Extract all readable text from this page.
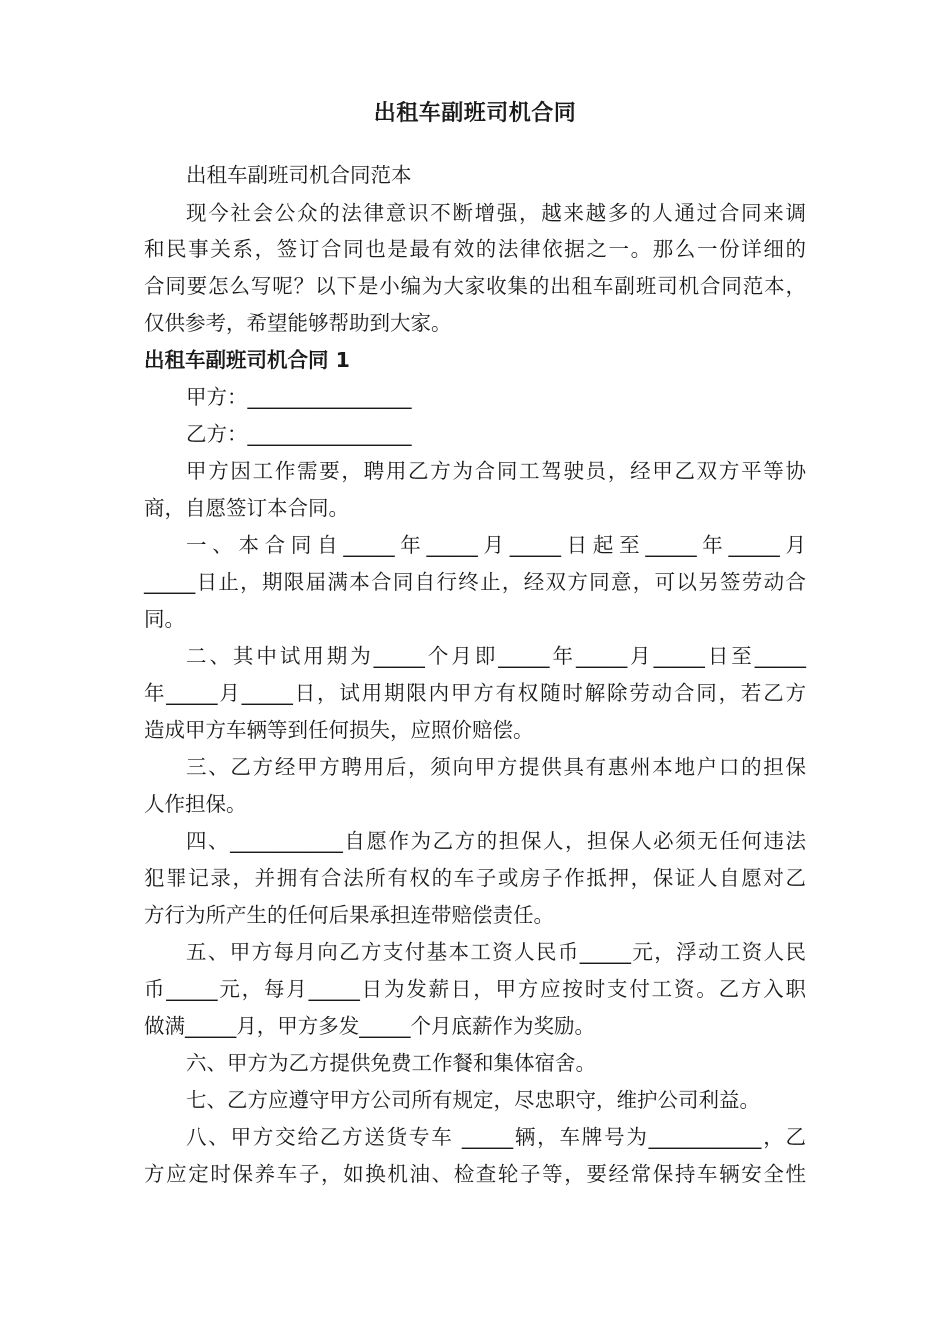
出租车副班司机合同
出租车副班司机合同范本
现今社会公众的法律意识不断增强，越来越多的人通过合同来调
和民事关系，签订合同也是最有效的法律依据之一。那么一份详细的
合同要怎么写呢？以下是小编为大家收集的出租车副班司机合同范本，
仅供参考，希望能够帮助到大家。
出租车副班司机合同 1
甲方：________________
乙方：________________
甲方因工作需要，聘用乙方为合同工驾驶员，经甲乙双方平等协
商，自愿签订本合同。
一、本合同自_____年_____月_____日起至_____年_____月
_____日止，期限届满本合同自行终止，经双方同意，可以另签劳动合
同。
二、其中试用期为_____个月即_____年_____月_____日至_____
年_____月_____日，试用期限内甲方有权随时解除劳动合同，若乙方
造成甲方车辆等到任何损失，应照价赔偿。
三、乙方经甲方聘用后，须向甲方提供具有惠州本地户口的担保
人作担保。
四、___________自愿作为乙方的担保人，担保人必须无任何违法
犯罪记录，并拥有合法所有权的车子或房子作抵押，保证人自愿对乙
方行为所产生的任何后果承担连带赔偿责任。
五、甲方每月向乙方支付基本工资人民币_____元，浮动工资人民
币_____元，每月_____日为发薪日，甲方应按时支付工资。乙方入职
做满_____月，甲方多发_____个月底薪作为奖励。
六、甲方为乙方提供免费工作餐和集体宿舍。
七、乙方应遵守甲方公司所有规定，尽忠职守，维护公司利益。
八、甲方交给乙方送货专车 _____辆，车牌号为___________，乙
方应定时保养车子，如换机油、检查轮子等，要经常保持车辆安全性
